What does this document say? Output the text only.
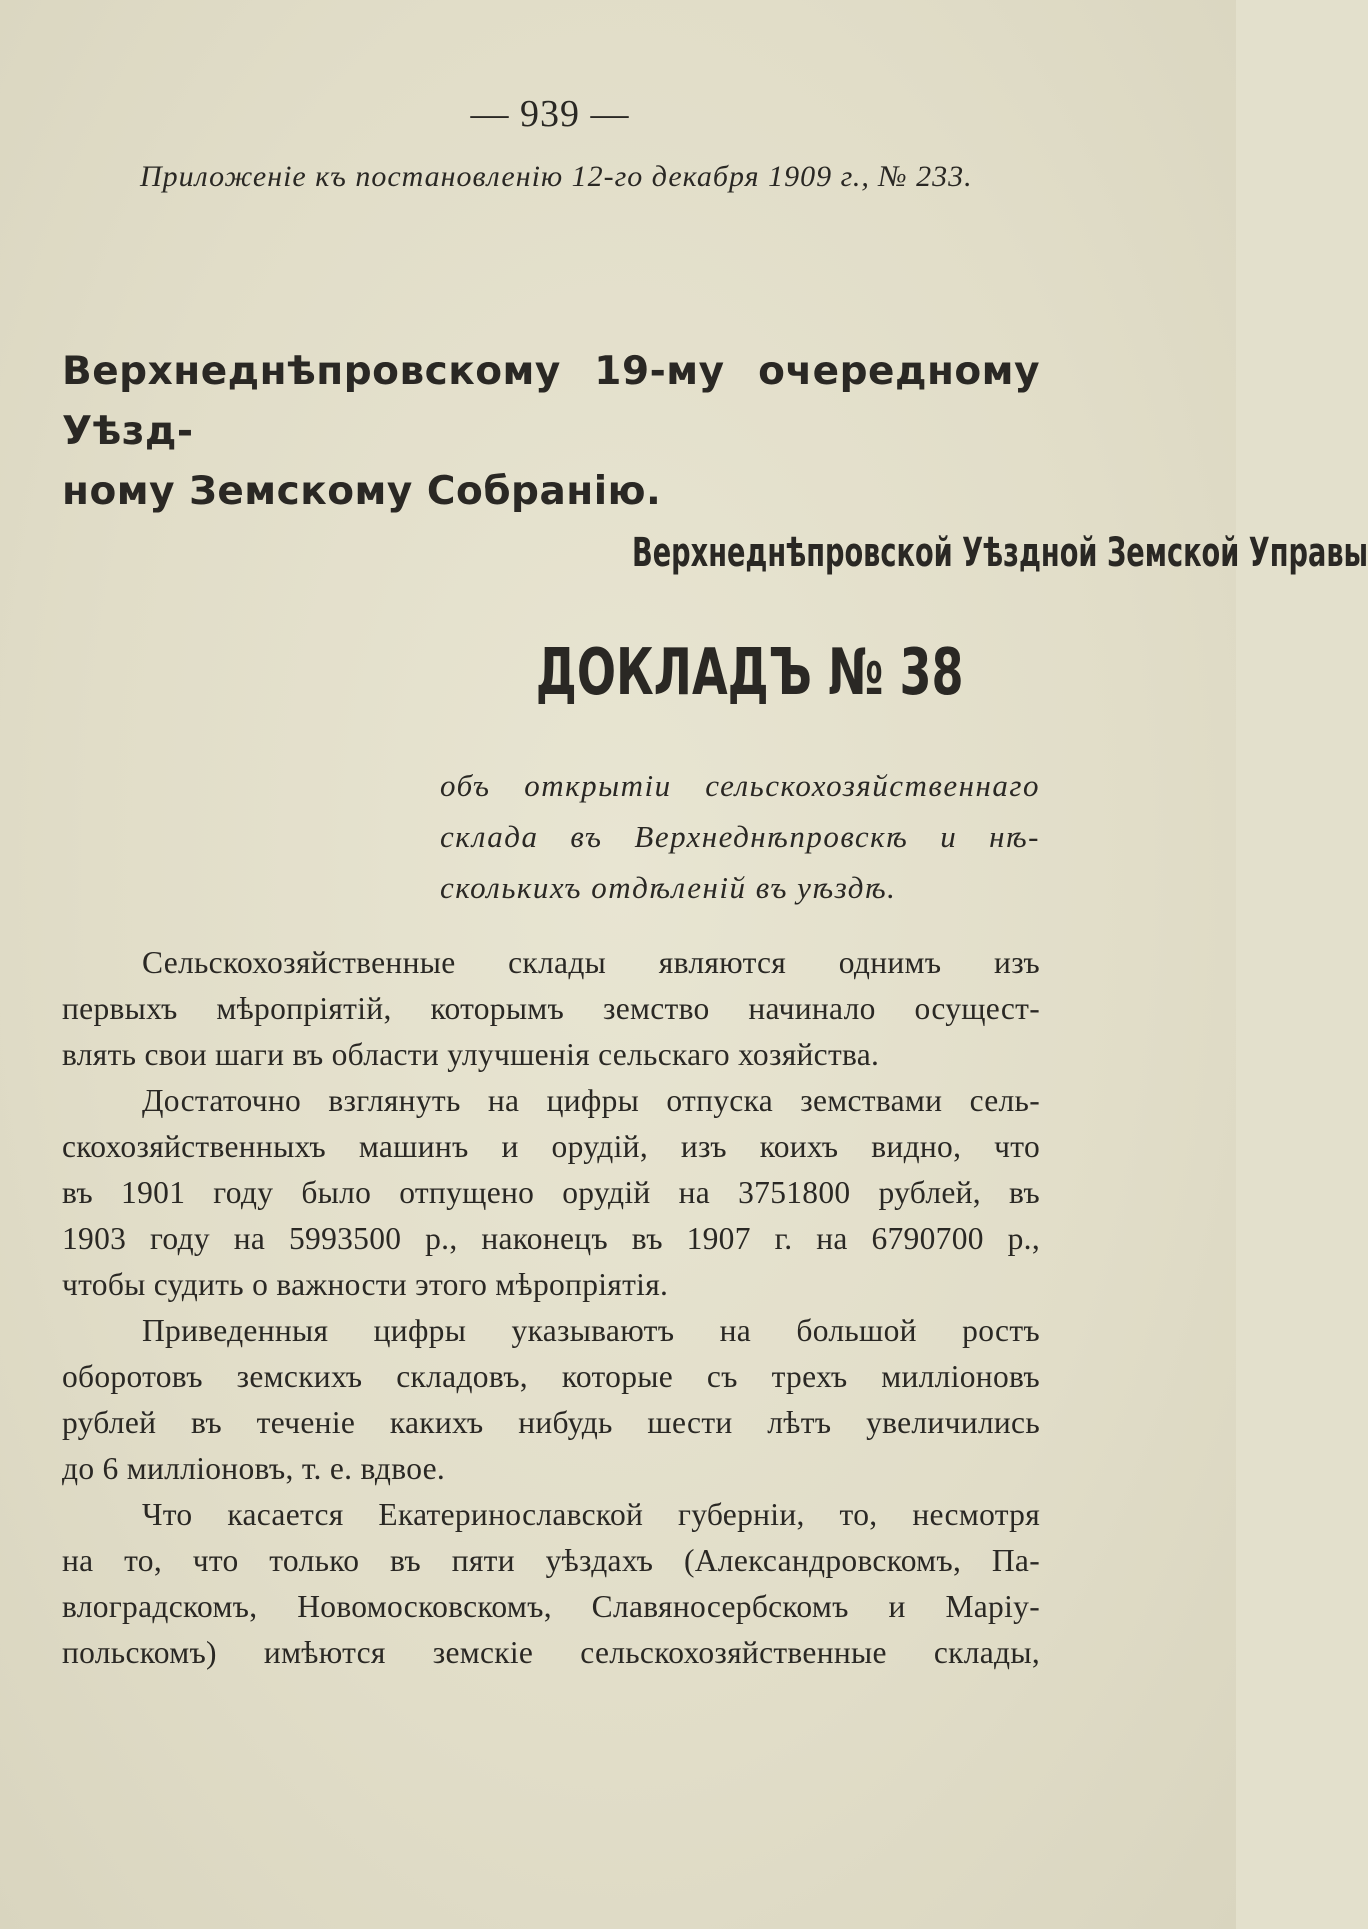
— 939 —
Приложеніе къ постановленію 12-го декабря 1909 г., № 233.
Верхнеднѣпровскому 19-му очередному Уѣзд-
ному Земскому Собранію.
Верхнеднѣпровской Уѣздной Земской Управы
ДОКЛАДЪ № 38
объ открытіи сельскохозяйственнаго
склада въ Верхнеднѣпровскѣ и нѣ-
сколькихъ отдѣленій въ уѣздѣ.
Сельскохозяйственные склады являются однимъ изъ
первыхъ мѣропріятій, которымъ земство начинало осущест-
влять свои шаги въ области улучшенія сельскаго хозяйства.
Достаточно взглянуть на цифры отпуска земствами сель-
скохозяйственныхъ машинъ и орудій, изъ коихъ видно, что
въ 1901 году было отпущено орудій на 3751800 рублей, въ
1903 году на 5993500 р., наконецъ въ 1907 г. на 6790700 р.,
чтобы судить о важности этого мѣропріятія.
Приведенныя цифры указываютъ на большой ростъ
оборотовъ земскихъ складовъ, которые съ трехъ милліоновъ
рублей въ теченіе какихъ нибудь шести лѣтъ увеличились
до 6 милліоновъ, т. е. вдвое.
Что касается Екатеринославской губерніи, то, несмотря
на то, что только въ пяти уѣздахъ (Александровскомъ, Па-
влоградскомъ, Новомосковскомъ, Славяносербскомъ и Маріу-
польскомъ) имѣются земскіе сельскохозяйственные склады,
